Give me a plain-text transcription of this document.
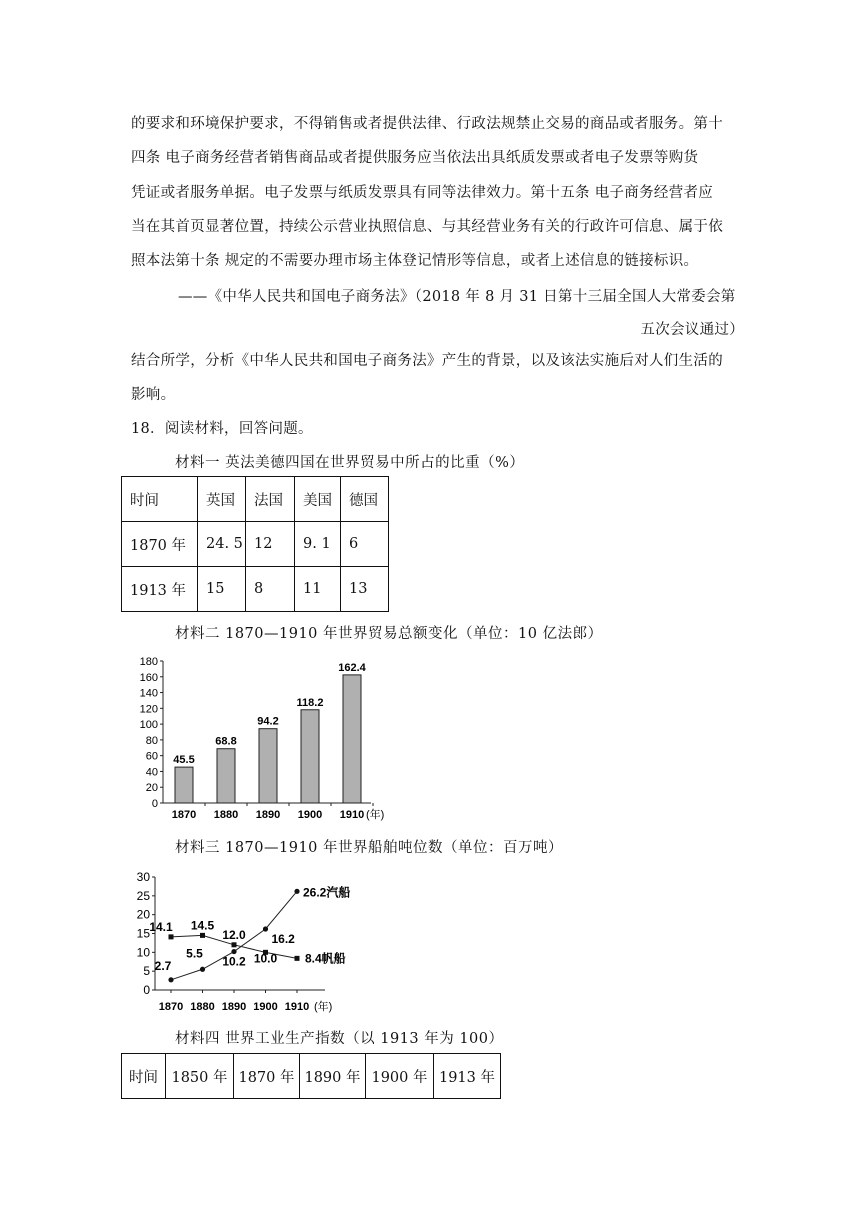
的要求和环境保护要求，不得销售或者提供法律、行政法规禁止交易的商品或者服务。第十
四条 电子商务经营者销售商品或者提供服务应当依法出具纸质发票或者电子发票等购货
凭证或者服务单据。电子发票与纸质发票具有同等法律效力。第十五条 电子商务经营者应
当在其首页显著位置，持续公示营业执照信息、与其经营业务有关的行政许可信息、属于依
照本法第十条 规定的不需要办理市场主体登记情形等信息，或者上述信息的链接标识。
——《中华人民共和国电子商务法》（2018 年 8 月 31 日第十三届全国人大常委会第
五次会议通过）
结合所学，分析《中华人民共和国电子商务法》产生的背景，以及该法实施后对人们生活的
影响。
18．阅读材料，回答问题。
材料一 英法美德四国在世界贸易中所占的比重（%）
时间	英国	法国	美国	德国
1870 年	24. 5	12	9. 1	6
1913 年	15	8	11	13
材料二 1870—1910 年世界贸易总额变化（单位：10 亿法郎）
0
20
40
60
80
100
120
140
160
180
45.5
1870
68.8
1880
94.2
1890
118.2
1900
162.4
1910 (年)
材料三 1870—1910 年世界船舶吨位数（单位：百万吨）
0
5
10
15
20
25
30
1870 1880 1890 1900 1910 (年)
14.1 14.5
12.0
10.0 8.4帆船
2.7
5.5
10.2
16.2
26.2汽船
材料四 世界工业生产指数（以 1913 年为 100）
时间	1850 年	1870 年	1890 年	1900 年	1913 年
